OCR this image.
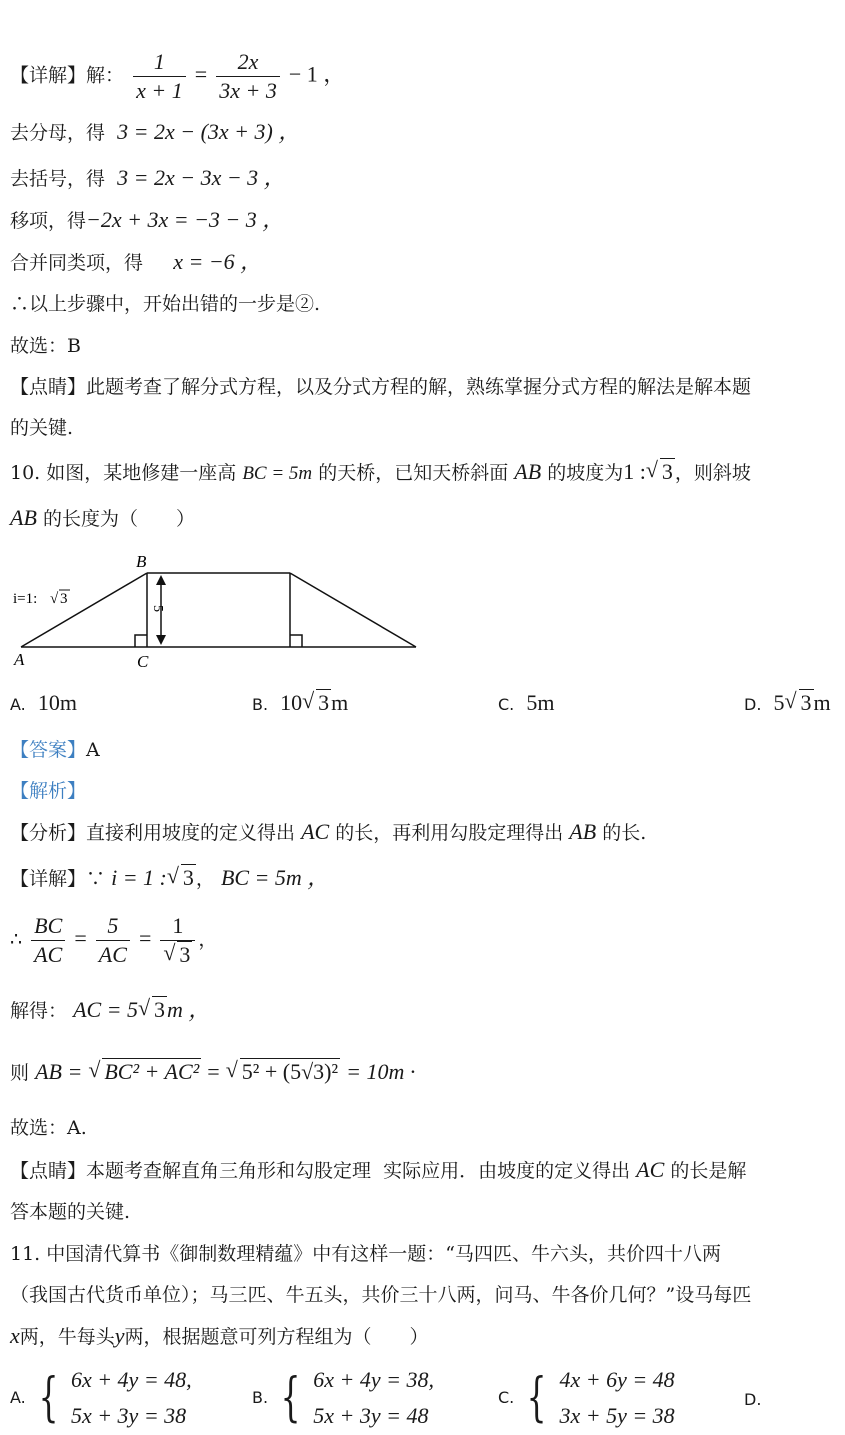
【详解】解： $\frac{1}{x + 1} = \frac{2x}{3x + 3} - 1$ ，
去分母，得 3 = 2x − (3x + 3) ，
去括号，得 3 = 2x − 3x − 3 ，
移项，得−2x + 3x = −3 − 3 ，
合并同类项，得 x = −6 ，
∴以上步骤中，开始出错的一步是②.
故选：B
【点睛】此题考查了解分式方程，以及分式方程的解，熟练掌握分式方程的解法是解本题
的关键.
10. 如图，某地修建一座高 BC = 5m 的天桥，已知天桥斜面 AB 的坡度为1 : √ 3 ，则斜坡
AB 的长度为（　　）
B
A	C
5
i=1: √ 3
A. 10m	B. 10 √ 3m	C. 5m	D. 5 √ 3m
【答案】A
【解析】
【分析】直接利用坡度的定义得出 AC 的长，再利用勾股定理得出 AB 的长.
【详解】∵ i = 1 : √ 3 ， BC = 5m ，
∴ $\frac{BC}{AC} = \frac{5}{AC} = 1$
√ 3 ，
解得： AC = 5 √ 3m ，
则 AB = √ BC² + AC² = √ 5² + (5√3)² = 10m ·
故选：A.
【点睛】本题考查解直角三角形和勾股定理 实际应用．由坡度的定义得出 AC 的长是解
答本题的关键.
11. 中国清代算书《御制数理精蕴》中有这样一题：“马四匹、牛六头，共价四十八两
（我国古代货币单位）；马三匹、牛五头，共价三十八两，问马、牛各价几何？”设马每匹
x两，牛每头y两，根据题意可列方程组为（　　）
A. { 6x + 4y = 48,
5x + 3y = 38
B. { 6x + 4y = 38,
5x + 3y = 48
C. { 4x + 6y = 48
3x + 5y = 38
D.
